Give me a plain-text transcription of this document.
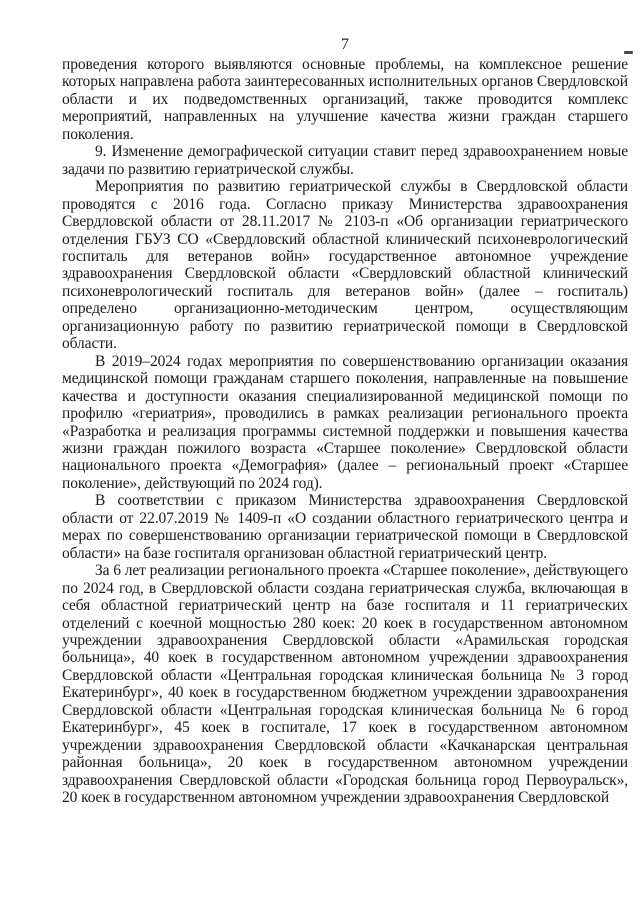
7

проведения которого выявляются основные проблемы, на комплексное решение которых направлена работа заинтересованных исполнительных органов Свердловской области и их подведомственных организаций, также проводится комплекс мероприятий, направленных на улучшение качества жизни граждан старшего поколения.

9. Изменение демографической ситуации ставит перед здравоохранением новые задачи по развитию гериатрической службы.

Мероприятия по развитию гериатрической службы в Свердловской области проводятся с 2016 года. Согласно приказу Министерства здравоохранения Свердловской области от 28.11.2017 № 2103-п «Об организации гериатрического отделения ГБУЗ СО «Свердловский областной клинический психоневрологический госпиталь для ветеранов войн» государственное автономное учреждение здравоохранения Свердловской области «Свердловский областной клинический психоневрологический госпиталь для ветеранов войн» (далее – госпиталь) определено организационно-методическим центром, осуществляющим организационную работу по развитию гериатрической помощи в Свердловской области.

В 2019–2024 годах мероприятия по совершенствованию организации оказания медицинской помощи гражданам старшего поколения, направленные на повышение качества и доступности оказания специализированной медицинской помощи по профилю «гериатрия», проводились в рамках реализации регионального проекта «Разработка и реализация программы системной поддержки и повышения качества жизни граждан пожилого возраста «Старшее поколение» Свердловской области национального проекта «Демография» (далее – региональный проект «Старшее поколение», действующий по 2024 год).

В соответствии с приказом Министерства здравоохранения Свердловской области от 22.07.2019 № 1409-п «О создании областного гериатрического центра и мерах по совершенствованию организации гериатрической помощи в Свердловской области» на базе госпиталя организован областной гериатрический центр.

За 6 лет реализации регионального проекта «Старшее поколение», действующего по 2024 год, в Свердловской области создана гериатрическая служба, включающая в себя областной гериатрический центр на базе госпиталя и 11 гериатрических отделений с коечной мощностью 280 коек: 20 коек в государственном автономном учреждении здравоохранения Свердловской области «Арамильская городская больница», 40 коек в государственном автономном учреждении здравоохранения Свердловской области «Центральная городская клиническая больница № 3 город Екатеринбург», 40 коек в государственном бюджетном учреждении здравоохранения Свердловской области «Центральная городская клиническая больница № 6 город Екатеринбург», 45 коек в госпитале, 17 коек в государственном автономном учреждении здравоохранения Свердловской области «Качканарская центральная районная больница», 20 коек в государственном автономном учреждении здравоохранения Свердловской области «Городская больница город Первоуральск», 20 коек в государственном автономном учреждении здравоохранения Свердловской
